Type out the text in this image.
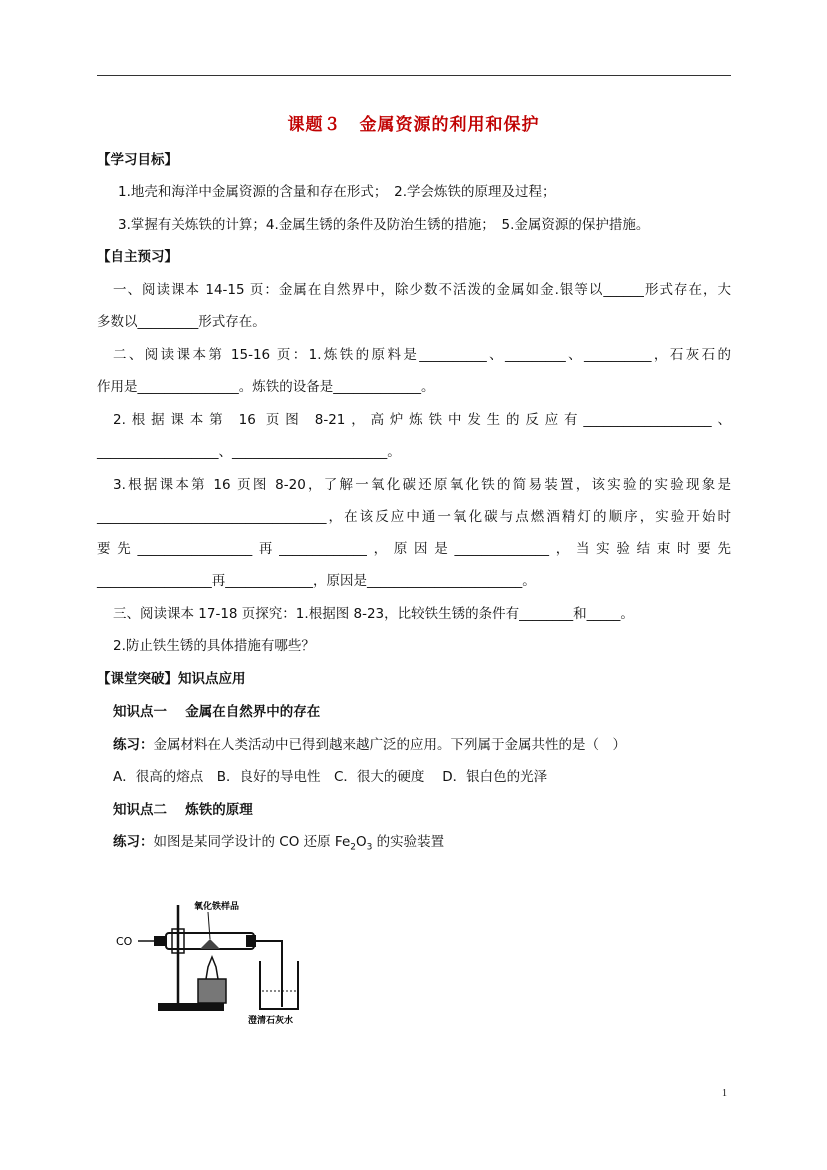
课题３　金属资源的利用和保护
【学习目标】
1.地壳和海洋中金属资源的含量和存在形式；　2.学会炼铁的原理及过程；
3.掌握有关炼铁的计算；4.金属生锈的条件及防治生锈的措施；　5.金属资源的保护措施。
【自主预习】
一、阅读课本 14-15 页：金属在自然界中，除少数不活泼的金属如金.银等以______形式存在，大
多数以_________形式存在。
二、阅读课本第 15-16 页：1.炼铁的原料是__________、_________、__________，石灰石的
作用是_______________。炼铁的设备是_____________。
2.根据课本第 16 页图 8-21，高炉炼铁中发生的反应有___________________、
__________________、_______________________。
3.根据课本第 16 页图 8-20，了解一氧化碳还原氧化铁的简易装置，该实验的实验现象是
__________________________________，在该反应中通一氧化碳与点燃酒精灯的顺序，实验开始时
要先_________________再_____________，原因是______________，当实验结束时要先
_________________再_____________，原因是_______________________。
三、阅读课本 17-18 页探究：1.根据图 8-23，比较铁生锈的条件有________和_____。
2.防止铁生锈的具体措施有哪些？
【课堂突破】知识点应用
知识点一　 金属在自然界中的存在
练习：金属材料在人类活动中已得到越来越广泛的应用。下列属于金属共性的是（　）
A．很高的熔点　B．良好的导电性　C．很大的硬度　 D．银白色的光泽
知识点二　 炼铁的原理
练习：如图是某同学设计的 CO 还原 $Fe_2O_3$ 的实验装置
CO
氧化铁样品
澄清石灰水
1
